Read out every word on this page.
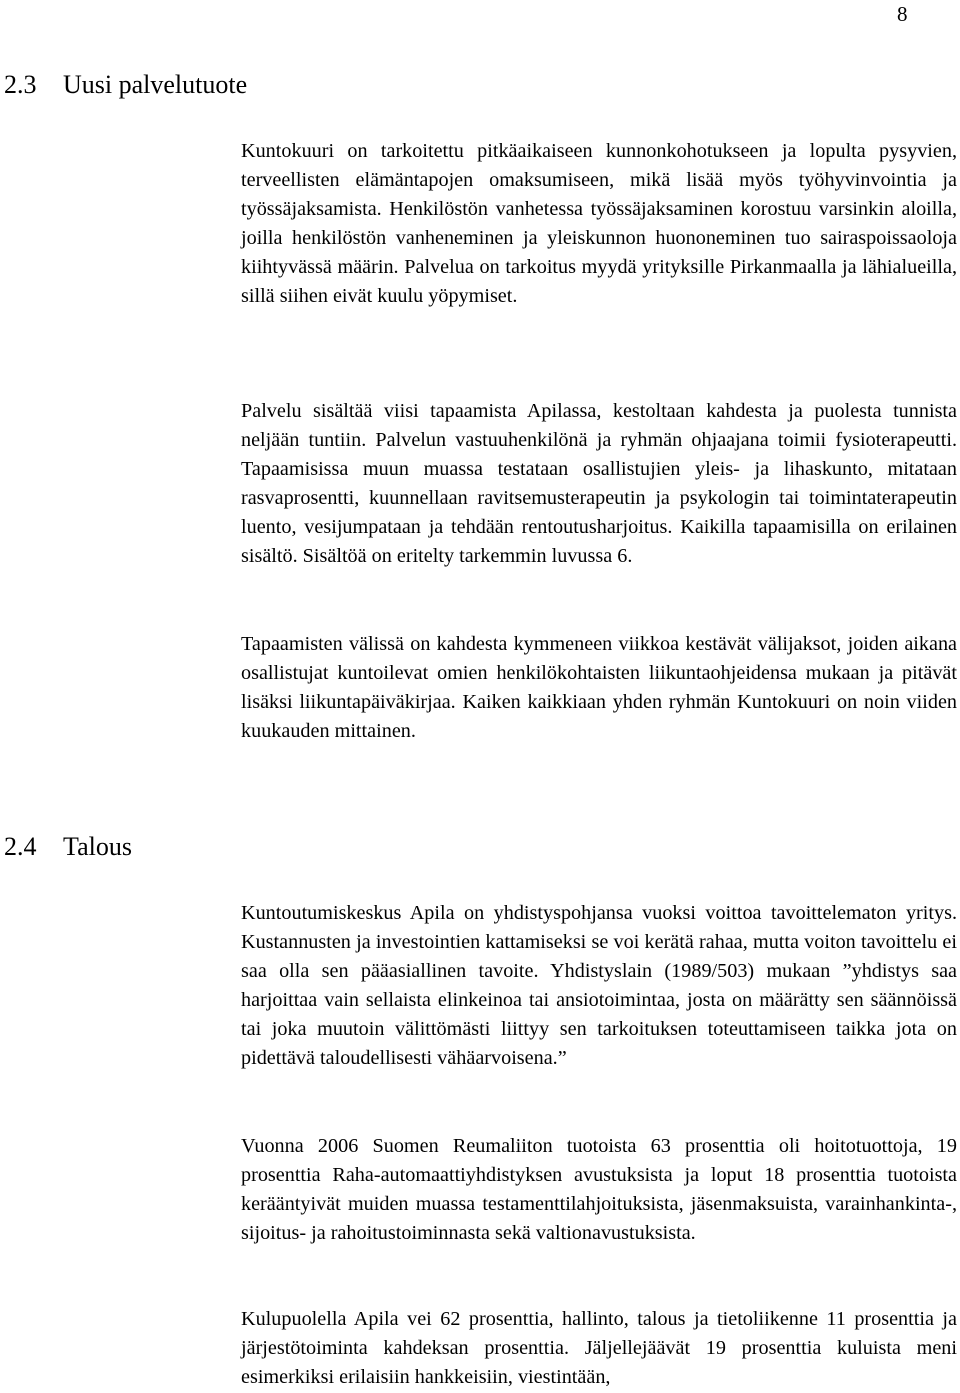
8
2.3 Uusi palvelutuote

Kuntokuuri on tarkoitettu pitkäaikaiseen kunnonkohotukseen ja lopulta pysyvien, terveellisten elämäntapojen omaksumiseen, mikä lisää myös työhyvinvointia ja työssäjaksamista. Henkilöstön vanhetessa työssäjaksaminen korostuu varsinkin aloilla, joilla henkilöstön vanheneminen ja yleiskunnon huononeminen tuo sairaspoissaoloja kiihtyvässä määrin. Palvelua on tarkoitus myydä yrityksille Pirkanmaalla ja lähialueilla, sillä siihen eivät kuulu yöpymiset.

Palvelu sisältää viisi tapaamista Apilassa, kestoltaan kahdesta ja puolesta tunnista neljään tuntiin. Palvelun vastuuhenkilönä ja ryhmän ohjaajana toimii fysioterapeutti. Tapaamisissa muun muassa testataan osallistujien yleis- ja lihaskunto, mitataan rasvaprosentti, kuunnellaan ravitsemusterapeutin ja psykologin tai toimintaterapeutin luento, vesijumpataan ja tehdään rentoutusharjoitus. Kaikilla tapaamisilla on erilainen sisältö. Sisältöä on eritelty tarkemmin luvussa 6.

Tapaamisten välissä on kahdesta kymmeneen viikkoa kestävät välijaksot, joiden aikana osallistujat kuntoilevat omien henkilökohtaisten liikuntaohjeidensa mukaan ja pitävät lisäksi liikuntapäiväkirjaa. Kaiken kaikkiaan yhden ryhmän Kuntokuuri on noin viiden kuukauden mittainen.

2.4 Talous

Kuntoutumiskeskus Apila on yhdistyspohjansa vuoksi voittoa tavoittelematon yritys. Kustannusten ja investointien kattamiseksi se voi kerätä rahaa, mutta voiton tavoittelu ei saa olla sen pääasiallinen tavoite. Yhdistyslain (1989/503) mukaan ”yhdistys saa harjoittaa vain sellaista elinkeinoa tai ansiotoimintaa, josta on määrätty sen säännöissä tai joka muutoin välittömästi liittyy sen tarkoituksen toteuttamiseen taikka jota on pidettävä taloudellisesti vähäarvoisena.”

Vuonna 2006 Suomen Reumaliiton tuotoista 63 prosenttia oli hoitotuottoja, 19 prosenttia Raha-automaattiyhdistyksen avustuksista ja loput 18 prosenttia tuotoista kerääntyivät muiden muassa testamenttilahjoituksista, jäsenmaksuista, varainhankinta-, sijoitus- ja rahoitustoiminnasta sekä valtionavustuksista.

Kulupuolella Apila vei 62 prosenttia, hallinto, talous ja tietoliikenne 11 prosenttia ja järjestötoiminta kahdeksan prosenttia. Jäljellejäävät 19 prosenttia kuluista meni esimerkiksi erilaisiin hankkeisiin, viestintään,
